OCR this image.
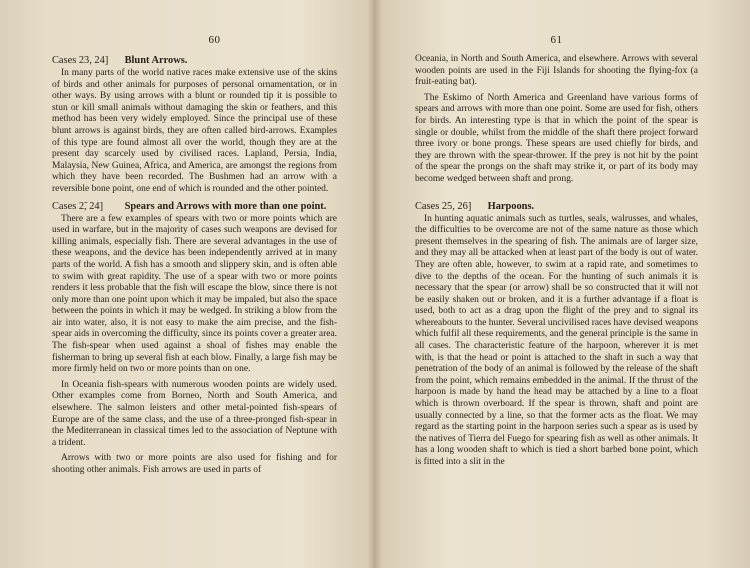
60
Cases 23, 24] Blunt Arrows.

In many parts of the world native races make extensive use of the skins of birds and other animals for purposes of personal ornamentation, or in other ways. By using arrows with a blunt or rounded tip it is possible to stun or kill small animals without damaging the skin or feathers, and this method has been very widely employed. Since the principal use of these blunt arrows is against birds, they are often called bird-arrows. Examples of this type are found almost all over the world, though they are at the present day scarcely used by civilised races. Lapland, Persia, India, Malaysia, New Guinea, Africa, and America, are amongst the regions from which they have been recorded. The Bushmen had an arrow with a reversible bone point, one end of which is rounded and the other pointed.

Cases 2̃, 24] Spears and Arrows with more than one point.

There are a few examples of spears with two or more points which are used in warfare, but in the majority of cases such weapons are devised for killing animals, especially fish. There are several advantages in the use of these weapons, and the device has been independently arrived at in many parts of the world. A fish has a smooth and slippery skin, and is often able to swim with great rapidity. The use of a spear with two or more points renders it less probable that the fish will escape the blow, since there is not only more than one point upon which it may be impaled, but also the space between the points in which it may be wedged. In striking a blow from the air into water, also, it is not easy to make the aim precise, and the fish-spear aids in overcoming the difficulty, since its points cover a greater area. The fish-spear when used against a shoal of fishes may enable the fisherman to bring up several fish at each blow. Finally, a large fish may be more firmly held on two or more points than on one.

In Oceania fish-spears with numerous wooden points are widely used. Other examples come from Borneo, North and South America, and elsewhere. The salmon leisters and other metal-pointed fish-spears of Europe are of the same class, and the use of a three-pronged fish-spear in the Mediterranean in classical times led to the association of Neptune with a trident.

Arrows with two or more points are also used for fishing and for shooting other animals. Fish arrows are used in parts of

61

Oceania, in North and South America, and elsewhere. Arrows with several wooden points are used in the Fiji Islands for shooting the flying-fox (a fruit-eating bat).

The Eskimo of North America and Greenland have various forms of spears and arrows with more than one point. Some are used for fish, others for birds. An interesting type is that in which the point of the spear is single or double, whilst from the middle of the shaft there project forward three ivory or bone prongs. These spears are used chiefly for birds, and they are thrown with the spear-thrower. If the prey is not hit by the point of the spear the prongs on the shaft may strike it, or part of its body may become wedged between shaft and prong.

Cases 25, 26] Harpoons.

In hunting aquatic animals such as turtles, seals, walrusses, and whales, the difficulties to be overcome are not of the same nature as those which present themselves in the spearing of fish. The animals are of larger size, and they may all be attacked when at least part of the body is out of water. They are often able, however, to swim at a rapid rate, and sometimes to dive to the depths of the ocean. For the hunting of such animals it is necessary that the spear (or arrow) shall be so constructed that it will not be easily shaken out or broken, and it is a further advantage if a float is used, both to act as a drag upon the flight of the prey and to signal its whereabouts to the hunter. Several uncivilised races have devised weapons which fulfil all these requirements, and the general principle is the same in all cases. The characteristic feature of the harpoon, wherever it is met with, is that the head or point is attached to the shaft in such a way that penetration of the body of an animal is followed by the release of the shaft from the point, which remains embedded in the animal. If the thrust of the harpoon is made by hand the head may be attached by a line to a float which is thrown overboard. If the spear is thrown, shaft and point are usually connected by a line, so that the former acts as the float. We may regard as the starting point in the harpoon series such a spear as is used by the natives of Tierra del Fuego for spearing fish as well as other animals. It has a long wooden shaft to which is tied a short barbed bone point, which is fitted into a slit in the
